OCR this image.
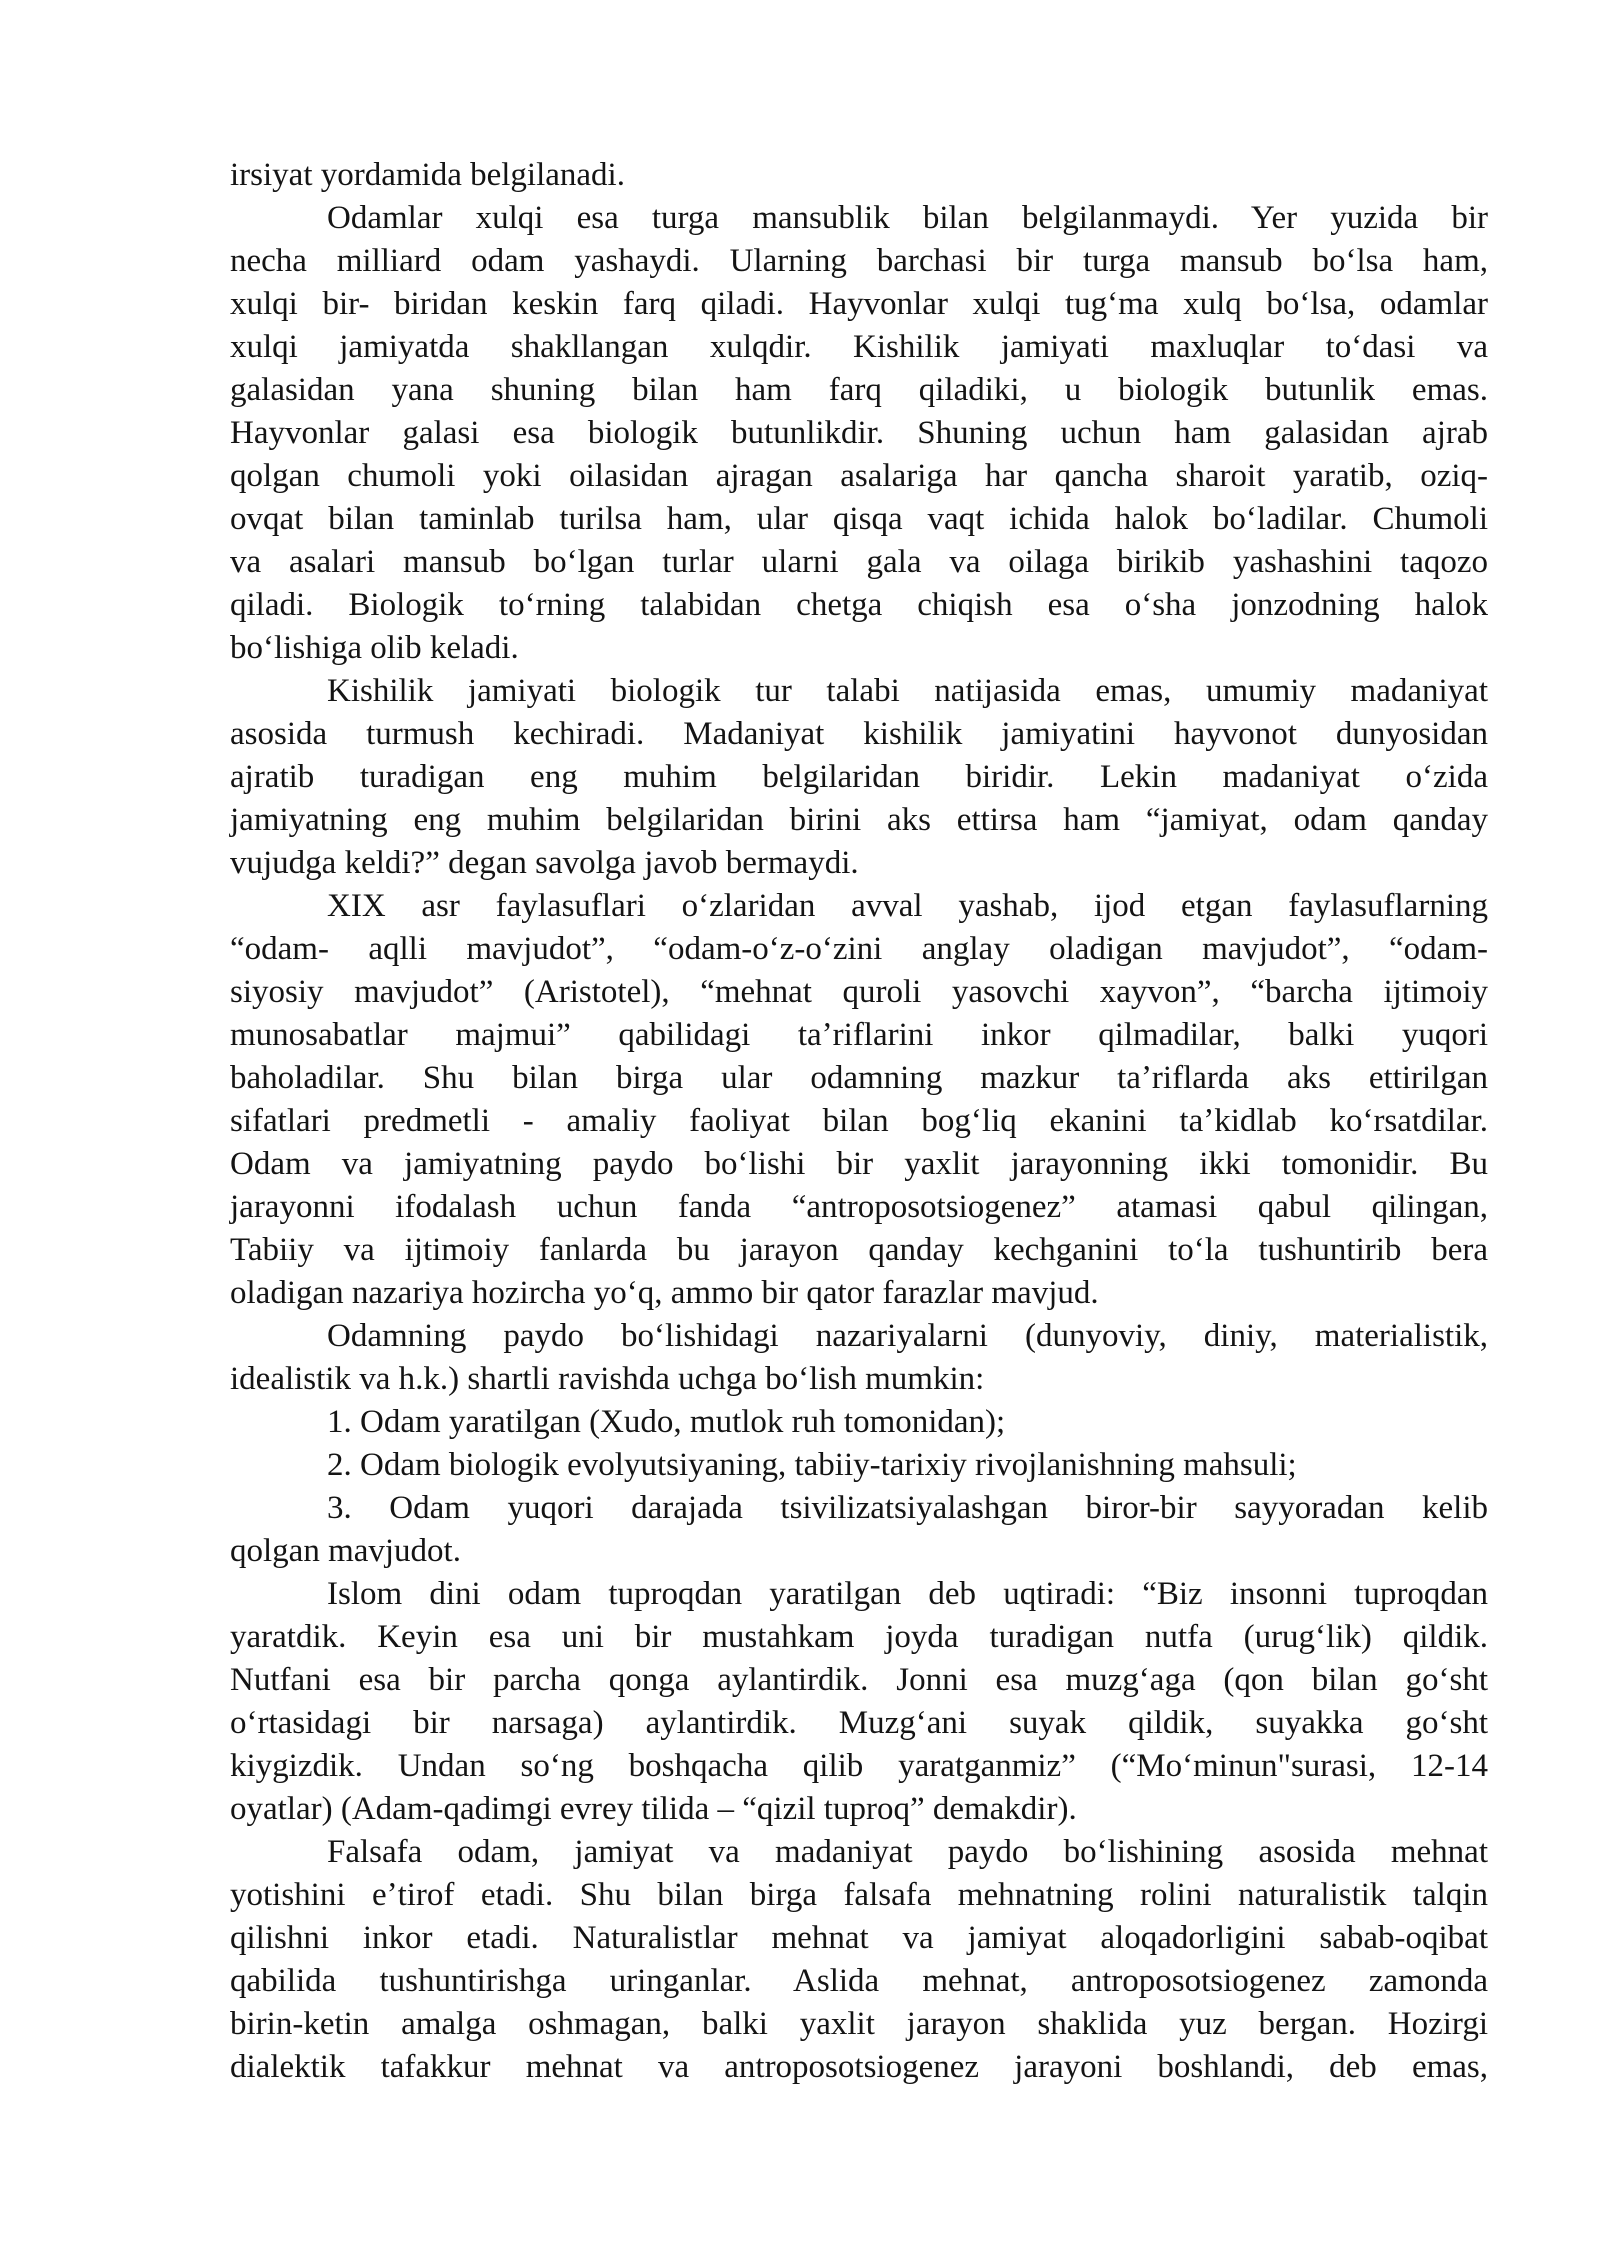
irsiyat yordamida belgilanadi.
Odamlar xulqi esa turga mansublik bilan belgilanmaydi. Yer yuzida bir
necha milliard odam yashaydi. Ularning barchasi bir turga mansub boʻlsa ham,
xulqi bir- biridan keskin farq qiladi. Hayvonlar xulqi tugʻma xulq boʻlsa, odamlar
xulqi jamiyatda shakllangan xulqdir. Kishilik jamiyati maxluqlar toʻdasi va
galasidan yana shuning bilan ham farq qiladiki, u biologik butunlik emas.
Hayvonlar galasi esa biologik butunlikdir. Shuning uchun ham galasidan ajrab
qolgan chumoli yoki oilasidan ajragan asalariga har qancha sharoit yaratib, oziq-
ovqat bilan taminlab turilsa ham, ular qisqa vaqt ichida halok boʻladilar. Chumoli
va asalari mansub boʻlgan turlar ularni gala va oilaga birikib yashashini taqozo
qiladi. Biologik toʻrning talabidan chetga chiqish esa oʻsha jonzodning halok
boʻlishiga olib keladi.
Kishilik jamiyati biologik tur talabi natijasida emas, umumiy madaniyat
asosida turmush kechiradi. Madaniyat kishilik jamiyatini hayvonot dunyosidan
ajratib turadigan eng muhim belgilaridan biridir. Lekin madaniyat oʻzida
jamiyatning eng muhim belgilaridan birini aks ettirsa ham “jamiyat, odam qanday
vujudga keldi?” degan savolga javob bermaydi.
XIX asr faylasuflari oʻzlaridan avval yashab, ijod etgan faylasuflarning
“odam- aqlli mavjudot”, “odam-oʻz-oʻzini anglay oladigan mavjudot”, “odam-
siyosiy mavjudot” (Aristotel), “mehnat quroli yasovchi xayvon”, “barcha ijtimoiy
munosabatlar majmui” qabilidagi taʼriflarini inkor qilmadilar, balki yuqori
baholadilar. Shu bilan birga ular odamning mazkur taʼriflarda aks ettirilgan
sifatlari predmetli - amaliy faoliyat bilan bogʻliq ekanini taʼkidlab koʻrsatdilar.
Odam va jamiyatning paydo boʻlishi bir yaxlit jarayonning ikki tomonidir. Bu
jarayonni ifodalash uchun fanda “antroposotsiogenez” atamasi qabul qilingan,
Tabiiy va ijtimoiy fanlarda bu jarayon qanday kechganini toʻla tushuntirib bera
oladigan nazariya hozircha yoʻq, ammo bir qator farazlar mavjud.
Odamning paydo boʻlishidagi nazariyalarni (dunyoviy, diniy, materialistik,
idealistik va h.k.) shartli ravishda uchga boʻlish mumkin:
1. Odam yaratilgan (Xudo, mutlok ruh tomonidan);
2. Odam biologik evolyutsiyaning, tabiiy-tarixiy rivojlanishning mahsuli;
3. Odam yuqori darajada tsivilizatsiyalashgan biror-bir sayyoradan kelib
qolgan mavjudot.
Islom dini odam tuproqdan yaratilgan deb uqtiradi: “Biz insonni tuproqdan
yaratdik. Keyin esa uni bir mustahkam joyda turadigan nutfa (urugʻlik) qildik.
Nutfani esa bir parcha qonga aylantirdik. Jonni esa muzgʻaga (qon bilan goʻsht
oʻrtasidagi bir narsaga) aylantirdik. Muzgʻani suyak qildik, suyakka goʻsht
kiygizdik. Undan soʻng boshqacha qilib yaratganmiz” (“Moʻminun"surasi, 12-14
oyatlar) (Adam-qadimgi evrey tilida – “qizil tuproq” demakdir).
Falsafa odam, jamiyat va madaniyat paydo boʻlishining asosida mehnat
yotishini eʼtirof etadi. Shu bilan birga falsafa mehnatning rolini naturalistik talqin
qilishni inkor etadi. Naturalistlar mehnat va jamiyat aloqadorligini sabab-oqibat
qabilida tushuntirishga uringanlar. Aslida mehnat, antroposotsiogenez zamonda
birin-ketin amalga oshmagan, balki yaxlit jarayon shaklida yuz bergan. Hozirgi
dialektik tafakkur mehnat va antroposotsiogenez jarayoni boshlandi, deb emas,
